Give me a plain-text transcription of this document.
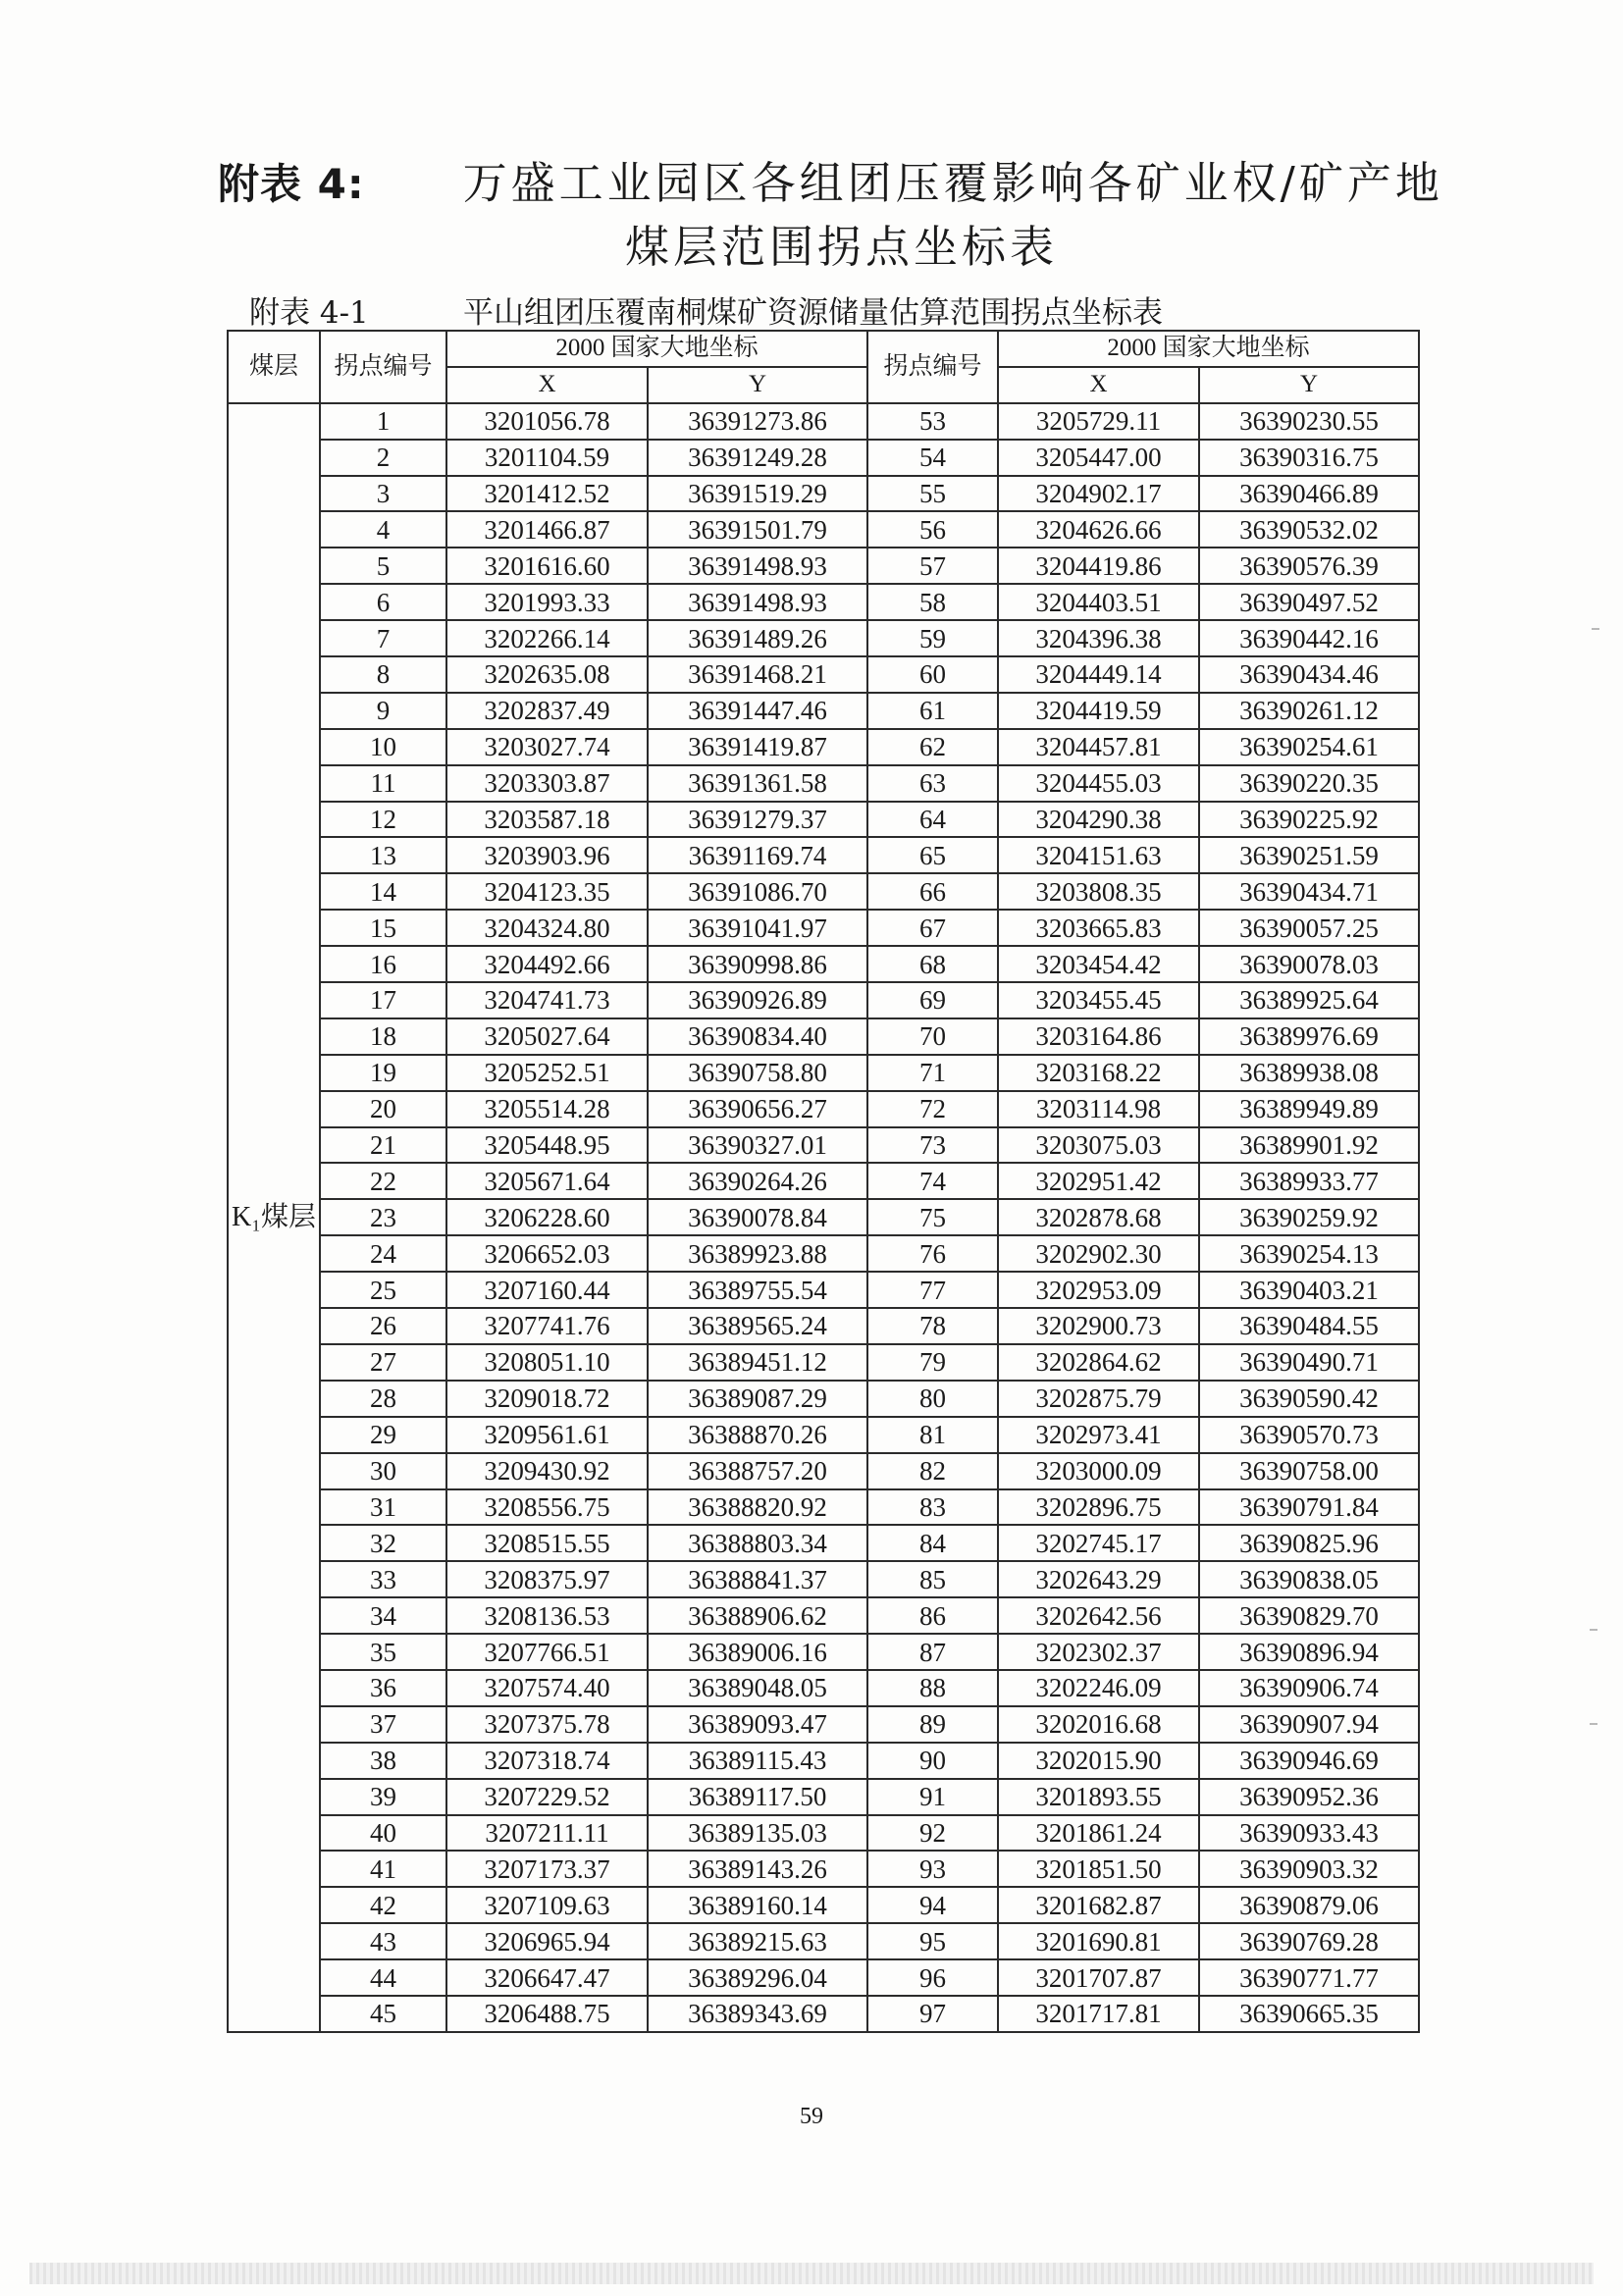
附表 4: 万盛工业园区各组团压覆影响各矿业权/矿产地
煤层范围拐点坐标表
附表 4-1	平山组团压覆南桐煤矿资源储量估算范围拐点坐标表
煤层	拐点编号	2000 国家大地坐标		拐点编号	2000 国家大地坐标	
		X	Y		X	Y
K₁煤层	1	3201056.78	36391273.86	53	3205729.11	36390230.55
	2	3201104.59	36391249.28	54	3205447.00	36390316.75
	3	3201412.52	36391519.29	55	3204902.17	36390466.89
	4	3201466.87	36391501.79	56	3204626.66	36390532.02
	5	3201616.60	36391498.93	57	3204419.86	36390576.39
	6	3201993.33	36391498.93	58	3204403.51	36390497.52
	7	3202266.14	36391489.26	59	3204396.38	36390442.16
	8	3202635.08	36391468.21	60	3204449.14	36390434.46
	9	3202837.49	36391447.46	61	3204419.59	36390261.12
	10	3203027.74	36391419.87	62	3204457.81	36390254.61
	11	3203303.87	36391361.58	63	3204455.03	36390220.35
	12	3203587.18	36391279.37	64	3204290.38	36390225.92
	13	3203903.96	36391169.74	65	3204151.63	36390251.59
	14	3204123.35	36391086.70	66	3203808.35	36390434.71
	15	3204324.80	36391041.97	67	3203665.83	36390057.25
	16	3204492.66	36390998.86	68	3203454.42	36390078.03
	17	3204741.73	36390926.89	69	3203455.45	36389925.64
	18	3205027.64	36390834.40	70	3203164.86	36389976.69
	19	3205252.51	36390758.80	71	3203168.22	36389938.08
	20	3205514.28	36390656.27	72	3203114.98	36389949.89
	21	3205448.95	36390327.01	73	3203075.03	36389901.92
	22	3205671.64	36390264.26	74	3202951.42	36389933.77
	23	3206228.60	36390078.84	75	3202878.68	36390259.92
	24	3206652.03	36389923.88	76	3202902.30	36390254.13
	25	3207160.44	36389755.54	77	3202953.09	36390403.21
	26	3207741.76	36389565.24	78	3202900.73	36390484.55
	27	3208051.10	36389451.12	79	3202864.62	36390490.71
	28	3209018.72	36389087.29	80	3202875.79	36390590.42
	29	3209561.61	36388870.26	81	3202973.41	36390570.73
	30	3209430.92	36388757.20	82	3203000.09	36390758.00
	31	3208556.75	36388820.92	83	3202896.75	36390791.84
	32	3208515.55	36388803.34	84	3202745.17	36390825.96
	33	3208375.97	36388841.37	85	3202643.29	36390838.05
	34	3208136.53	36388906.62	86	3202642.56	36390829.70
	35	3207766.51	36389006.16	87	3202302.37	36390896.94
	36	3207574.40	36389048.05	88	3202246.09	36390906.74
	37	3207375.78	36389093.47	89	3202016.68	36390907.94
	38	3207318.74	36389115.43	90	3202015.90	36390946.69
	39	3207229.52	36389117.50	91	3201893.55	36390952.36
	40	3207211.11	36389135.03	92	3201861.24	36390933.43
	41	3207173.37	36389143.26	93	3201851.50	36390903.32
	42	3207109.63	36389160.14	94	3201682.87	36390879.06
	43	3206965.94	36389215.63	95	3201690.81	36390769.28
	44	3206647.47	36389296.04	96	3201707.87	36390771.77
	45	3206488.75	36389343.69	97	3201717.81	36390665.35
59
